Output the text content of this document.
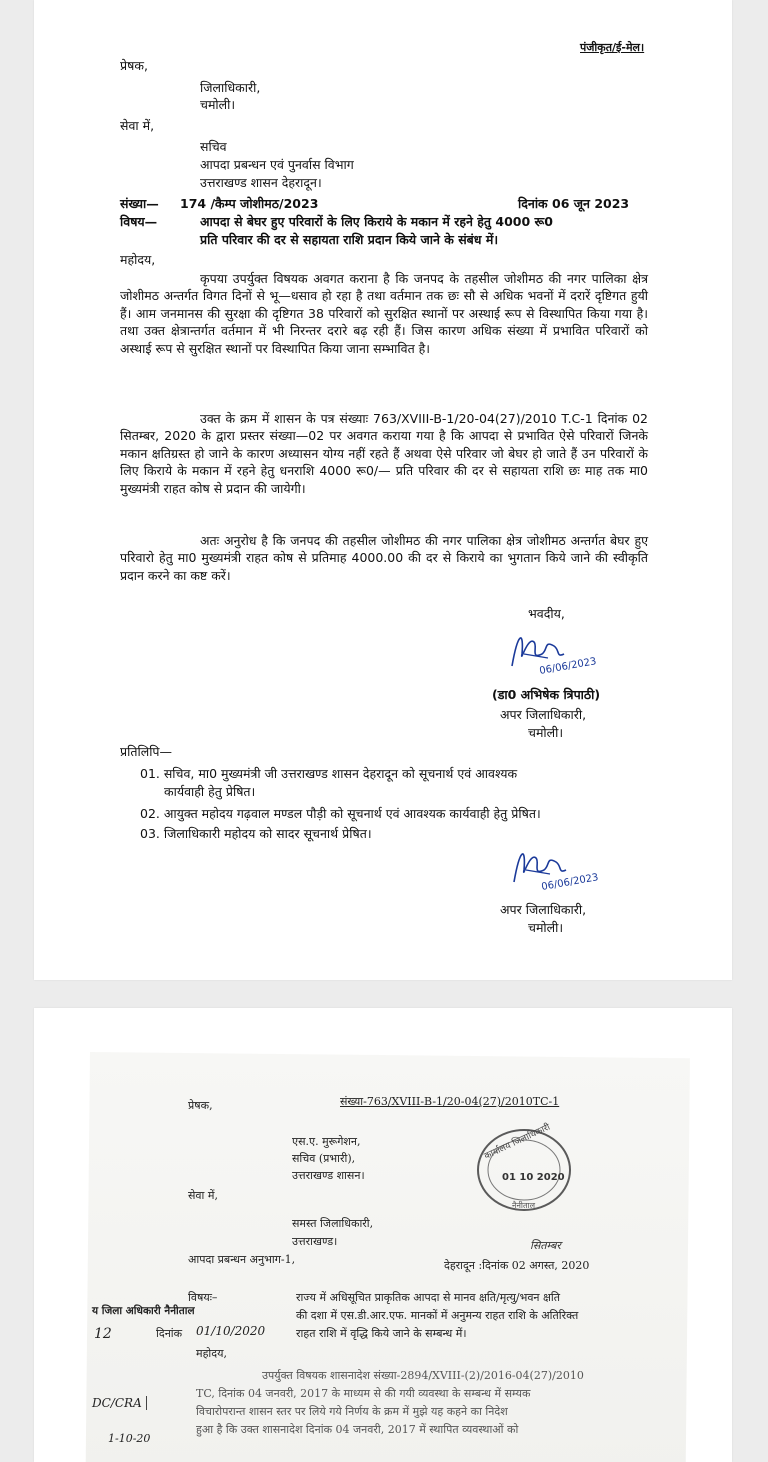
पंजीकृत/ई-मेल।
प्रेषक,
जिलाधिकारी,
चमोली।
सेवा में,
सचिव
आपदा प्रबन्धन एवं पुनर्वास विभाग
उत्तराखण्ड शासन देहरादून।
संख्या— 174 /कैम्प जोशीमठ/2023	दिनांक 06 जून 2023
विषय—	आपदा से बेघर हुए परिवारों के लिए किराये के मकान में रहने हेतु 4000 रू0
प्रति परिवार की दर से सहायता राशि प्रदान किये जाने के संबंध में।
महोदय,
कृपया उपर्युक्त विषयक अवगत कराना है कि जनपद के तहसील जोशीमठ की नगर पालिका क्षेत्र जोशीमठ अन्तर्गत विगत दिनों से भू—धसाव हो रहा है तथा वर्तमान तक छः सौ से अधिक भवनों में दरारें दृष्टिगत हुयी हैं। आम जनमानस की सुरक्षा की दृष्टिगत 38 परिवारों को सुरक्षित स्थानों पर अस्थाई रूप से विस्थापित किया गया है। तथा उक्त क्षेत्रान्तर्गत वर्तमान में भी निरन्तर दरारे बढ़ रही हैं। जिस कारण अधिक संख्या में प्रभावित परिवारों को अस्थाई रूप से सुरक्षित स्थानों पर विस्थापित किया जाना सम्भावित है।
उक्त के क्रम में शासन के पत्र संख्याः 763/XVIII-B-1/20-04(27)/2010 T.C-1 दिनांक 02 सितम्बर, 2020 के द्वारा प्रस्तर संख्या—02 पर अवगत कराया गया है कि आपदा से प्रभावित ऐसे परिवारों जिनके मकान क्षतिग्रस्त हो जाने के कारण अध्यासन योग्य नहीं रहते हैं अथवा ऐसे परिवार जो बेघर हो जाते हैं उन परिवारों के लिए किराये के मकान में रहने हेतु धनराशि 4000 रू0/— प्रति परिवार की दर से सहायता राशि छः माह तक मा0 मुख्यमंत्री राहत कोष से प्रदान की जायेगी।
अतः अनुरोध है कि जनपद की तहसील जोशीमठ की नगर पालिका क्षेत्र जोशीमठ अन्तर्गत बेघर हुए परिवारो हेतु मा0 मुख्यमंत्री राहत कोष से प्रतिमाह 4000.00 की दर से किराये का भुगतान किये जाने की स्वीकृति प्रदान करने का कष्ट करें।
भवदीय,
06/06/2023
(डा0 अभिषेक त्रिपाठी)
अपर जिलाधिकारी,
चमोली।
प्रतिलिपि—
01. सचिव, मा0 मुख्यमंत्री जी उत्तराखण्ड शासन देहरादून को सूचनार्थ एवं आवश्यक
कार्यवाही हेतु प्रेषित।
02. आयुक्त महोदय गढ़वाल मण्डल पौड़ी को सूचनार्थ एवं आवश्यक कार्यवाही हेतु प्रेषित।
03. जिलाधिकारी महोदय को सादर सूचनार्थ प्रेषित।
06/06/2023
अपर जिलाधिकारी,
चमोली।
प्रेषक,	संख्या-763/XVIII-B-1/20-04(27)/2010TC-1
एस.ए. मुरूगेशन,
सचिव (प्रभारी),
उत्तराखण्ड शासन।
सेवा में,
समस्त जिलाधिकारी,
उत्तराखण्ड।
आपदा प्रबन्धन अनुभाग-1,	देहरादून :दिनांक 02 अगस्त, 2020
सितम्बर
कार्यालय जिलाधिकारी
नैनीताल
01 10 2020
विषयः–	राज्य में अधिसूचित प्राकृतिक आपदा से मानव क्षति/मृत्यु/भवन क्षति
की दशा में एस.डी.आर.एफ. मानकों में अनुमन्य राहत राशि के अतिरिक्त
राहत राशि में वृद्धि किये जाने के सम्बन्ध में।
य जिला अधिकारी नैनीताल
12	दिनांक 01/10/2020
महोदय,
उपर्युक्त विषयक शासनादेश संख्या-2894/XVIII-(2)/2016-04(27)/2010
TC, दिनांक 04 जनवरी, 2017 के माध्यम से की गयी व्यवस्था के सम्बन्ध में सम्यक
विचारोपरान्त शासन स्तर पर लिये गये निर्णय के क्रम में मुझे यह कहने का निदेश
हुआ है कि उक्त शासनादेश दिनांक 04 जनवरी, 2017 में स्थापित व्यवस्थाओं को
DC/CRA
1-10-20
